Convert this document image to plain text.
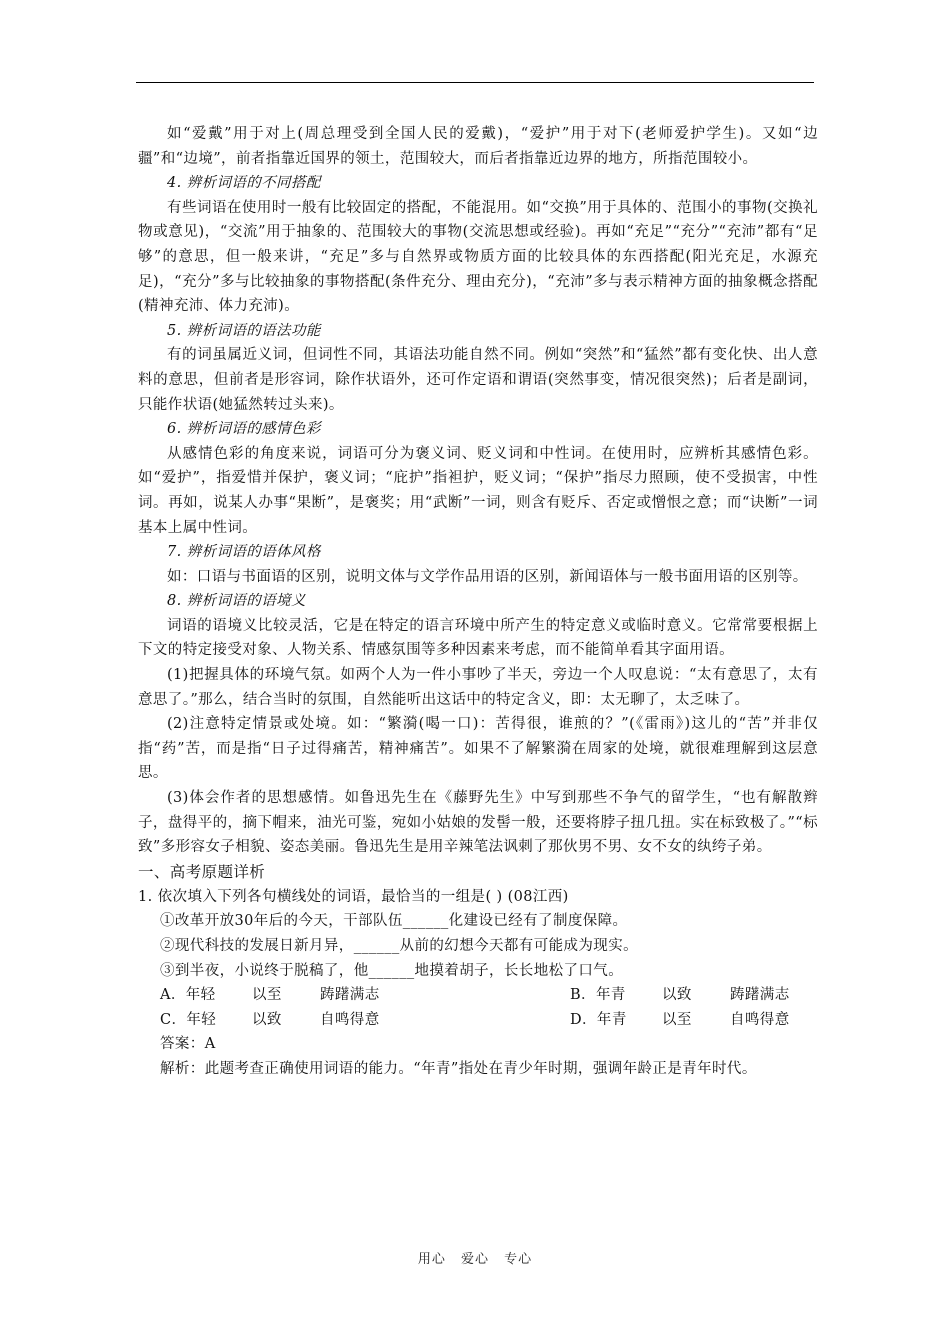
如“爱戴”用于对上(周总理受到全国人民的爱戴)，“爱护”用于对下(老师爱护学生)。又如“边疆”和“边境”，前者指靠近国界的领土，范围较大，而后者指靠近边界的地方，所指范围较小。

4. 辨析词语的不同搭配

有些词语在使用时一般有比较固定的搭配，不能混用。如“交换”用于具体的、范围小的事物(交换礼物或意见)，“交流”用于抽象的、范围较大的事物(交流思想或经验)。再如“充足”“充分”“充沛”都有“足够”的意思，但一般来讲，“充足”多与自然界或物质方面的比较具体的东西搭配(阳光充足，水源充足)，“充分”多与比较抽象的事物搭配(条件充分、理由充分)，“充沛”多与表示精神方面的抽象概念搭配(精神充沛、体力充沛)。

5. 辨析词语的语法功能

有的词虽属近义词，但词性不同，其语法功能自然不同。例如“突然”和“猛然”都有变化快、出人意料的意思，但前者是形容词，除作状语外，还可作定语和谓语(突然事变，情况很突然)；后者是副词，只能作状语(她猛然转过头来)。

6. 辨析词语的感情色彩

从感情色彩的角度来说，词语可分为褒义词、贬义词和中性词。在使用时，应辨析其感情色彩。如“爱护”，指爱惜并保护，褒义词；“庇护”指袒护，贬义词；“保护”指尽力照顾，使不受损害，中性词。再如，说某人办事“果断”，是褒奖；用“武断”一词，则含有贬斥、否定或憎恨之意；而“诀断”一词基本上属中性词。

7. 辨析词语的语体风格

如：口语与书面语的区别，说明文体与文学作品用语的区别，新闻语体与一般书面用语的区别等。

8. 辨析词语的语境义

词语的语境义比较灵活，它是在特定的语言环境中所产生的特定意义或临时意义。它常常要根据上下文的特定接受对象、人物关系、情感氛围等多种因素来考虑，而不能简单看其字面用语。

(1)把握具体的环境气氛。如两个人为一件小事吵了半天，旁边一个人叹息说：“太有意思了，太有意思了。”那么，结合当时的氛围，自然能听出这话中的特定含义，即：太无聊了，太乏味了。

(2)注意特定情景或处境。如：“繁漪(喝一口)：苦得很，谁煎的？”(《雷雨》)这儿的“苦”并非仅指“药”苦，而是指“日子过得痛苦，精神痛苦”。如果不了解繁漪在周家的处境，就很难理解到这层意思。

(3)体会作者的思想感情。如鲁迅先生在《藤野先生》中写到那些不争气的留学生，“也有解散辫子，盘得平的，摘下帽来，油光可鉴，宛如小姑娘的发髻一般，还要将脖子扭几扭。实在标致极了。”“标致”多形容女子相貌、姿态美丽。鲁迅先生是用辛辣笔法讽刺了那伙男不男、女不女的纨绔子弟。

一、高考原题详析

1. 依次填入下列各句横线处的词语，最恰当的一组是( ) (08江西)

①改革开放30年后的今天，干部队伍______化建设已经有了制度保障。

②现代科技的发展日新月异，______从前的幻想今天都有可能成为现实。

③到半夜，小说终于脱稿了，他______地摸着胡子，长长地松了口气。

A．年轻	以至	踌躇满志	B．年青	以致	踌躇满志
C．年轻	以致	自鸣得意	D．年青	以至	自鸣得意

答案：A

解析：此题考查正确使用词语的能力。“年青”指处在青少年时期，强调年龄正是青年时代。

用心 爱心 专心
